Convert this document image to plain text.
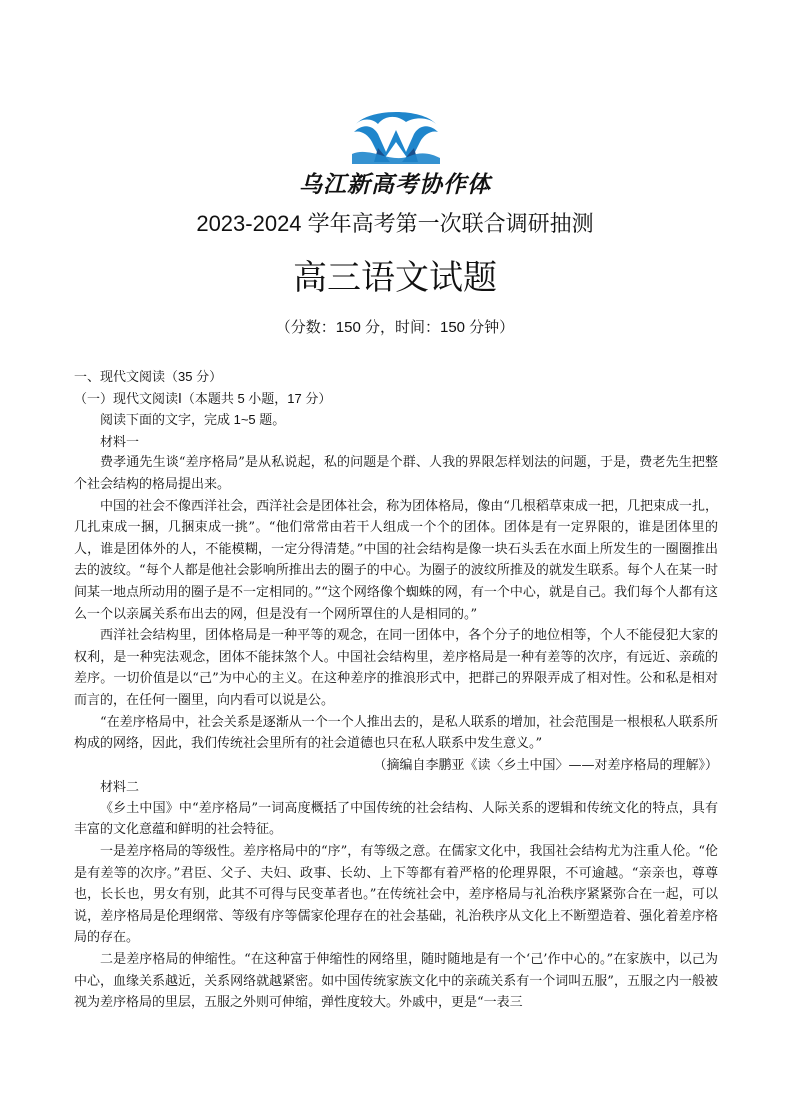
乌江新高考协作体
2023-2024 学年高考第一次联合调研抽测
高三语文试题
（分数：150 分，时间：150 分钟）

一、现代文阅读（35 分）

（一）现代文阅读Ⅰ（本题共 5 小题，17 分）

阅读下面的文字，完成 1~5 题。

材料一

费孝通先生谈“差序格局”是从私说起，私的问题是个群、人我的界限怎样划法的问题，于是，费老先生把整个社会结构的格局提出来。

中国的社会不像西洋社会，西洋社会是团体社会，称为团体格局，像由“几根稻草束成一把，几把束成一扎，几扎束成一捆，几捆束成一挑”。“他们常常由若干人组成一个个的团体。团体是有一定界限的，谁是团体里的人，谁是团体外的人，不能模糊，一定分得清楚。”中国的社会结构是像一块石头丢在水面上所发生的一圈圈推出去的波纹。“每个人都是他社会影响所推出去的圈子的中心。为圈子的波纹所推及的就发生联系。每个人在某一时间某一地点所动用的圈子是不一定相同的。”“这个网络像个蜘蛛的网，有一个中心，就是自己。我们每个人都有这么一个以亲属关系布出去的网，但是没有一个网所罩住的人是相同的。”

西洋社会结构里，团体格局是一种平等的观念，在同一团体中，各个分子的地位相等，个人不能侵犯大家的权利，是一种宪法观念，团体不能抹煞个人。中国社会结构里，差序格局是一种有差等的次序，有远近、亲疏的差序。一切价值是以“己”为中心的主义。在这种差序的推浪形式中，把群己的界限弄成了相对性。公和私是相对而言的，在任何一圈里，向内看可以说是公。

“在差序格局中，社会关系是逐渐从一个一个人推出去的，是私人联系的增加，社会范围是一根根私人联系所构成的网络，因此，我们传统社会里所有的社会道德也只在私人联系中发生意义。”

（摘编自李鹏亚《读〈乡土中国〉——对差序格局的理解》）

材料二

《乡土中国》中“差序格局”一词高度概括了中国传统的社会结构、人际关系的逻辑和传统文化的特点，具有丰富的文化意蕴和鲜明的社会特征。

一是差序格局的等级性。差序格局中的“序”，有等级之意。在儒家文化中，我国社会结构尤为注重人伦。“伦是有差等的次序。”君臣、父子、夫妇、政事、长幼、上下等都有着严格的伦理界限，不可逾越。“亲亲也，尊尊也，长长也，男女有别，此其不可得与民变革者也。”在传统社会中，差序格局与礼治秩序紧紧弥合在一起，可以说，差序格局是伦理纲常、等级有序等儒家伦理存在的社会基础，礼治秩序从文化上不断塑造着、强化着差序格局的存在。

二是差序格局的伸缩性。“在这种富于伸缩性的网络里，随时随地是有一个‘己’作中心的。”在家族中，以己为中心，血缘关系越近，关系网络就越紧密。如中国传统家族文化中的亲疏关系有一个词叫五服”，五服之内一般被视为差序格局的里层，五服之外则可伸缩，弹性度较大。外戚中，更是“一表三
